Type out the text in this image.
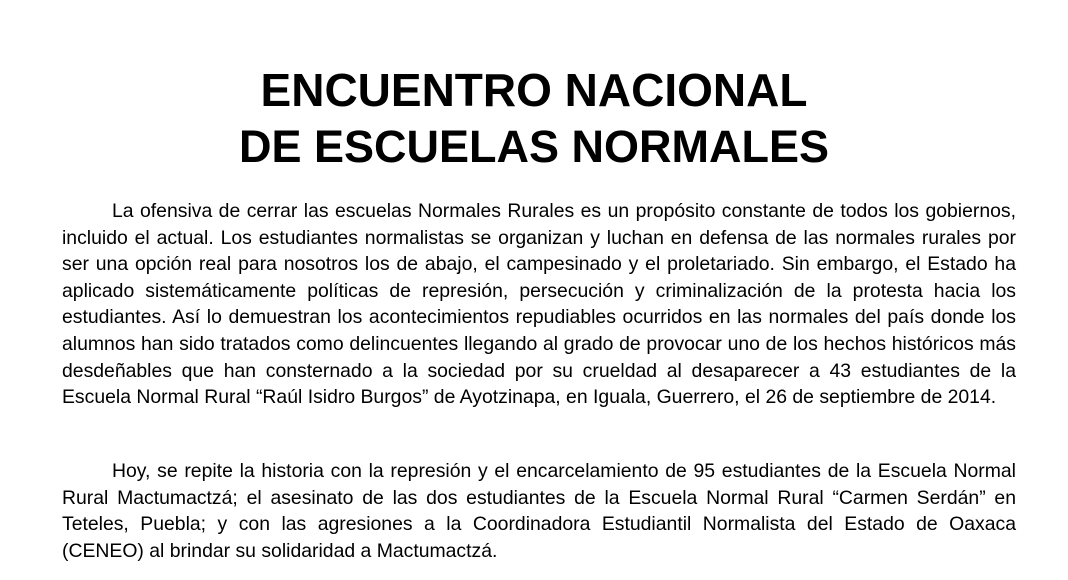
ENCUENTRO NACIONAL
DE ESCUELAS NORMALES

La ofensiva de cerrar las escuelas Normales Rurales es un propósito constante de todos los gobiernos, incluido el actual. Los estudiantes normalistas se organizan y luchan en defensa de las normales rurales por ser una opción real para nosotros los de abajo, el campesinado y el proletariado. Sin embargo, el Estado ha aplicado sistemáticamente políticas de represión, persecución y criminalización de la protesta hacia los estudiantes. Así lo demuestran los acontecimientos repudiables ocurridos en las normales del país donde los alumnos han sido tratados como delincuentes llegando al grado de provocar uno de los hechos históricos más desdeñables que han consternado a la sociedad por su crueldad al desaparecer a 43 estudiantes de la Escuela Normal Rural “Raúl Isidro Burgos” de Ayotzinapa, en Iguala, Guerrero, el 26 de septiembre de 2014.

Hoy, se repite la historia con la represión y el encarcelamiento de 95 estudiantes de la Escuela Normal Rural Mactumactzá; el asesinato de las dos estudiantes de la Escuela Normal Rural “Carmen Serdán” en Teteles, Puebla; y con las agresiones a la Coordinadora Estudiantil Normalista del Estado de Oaxaca (CENEO) al brindar su solidaridad a Mactumactzá.
